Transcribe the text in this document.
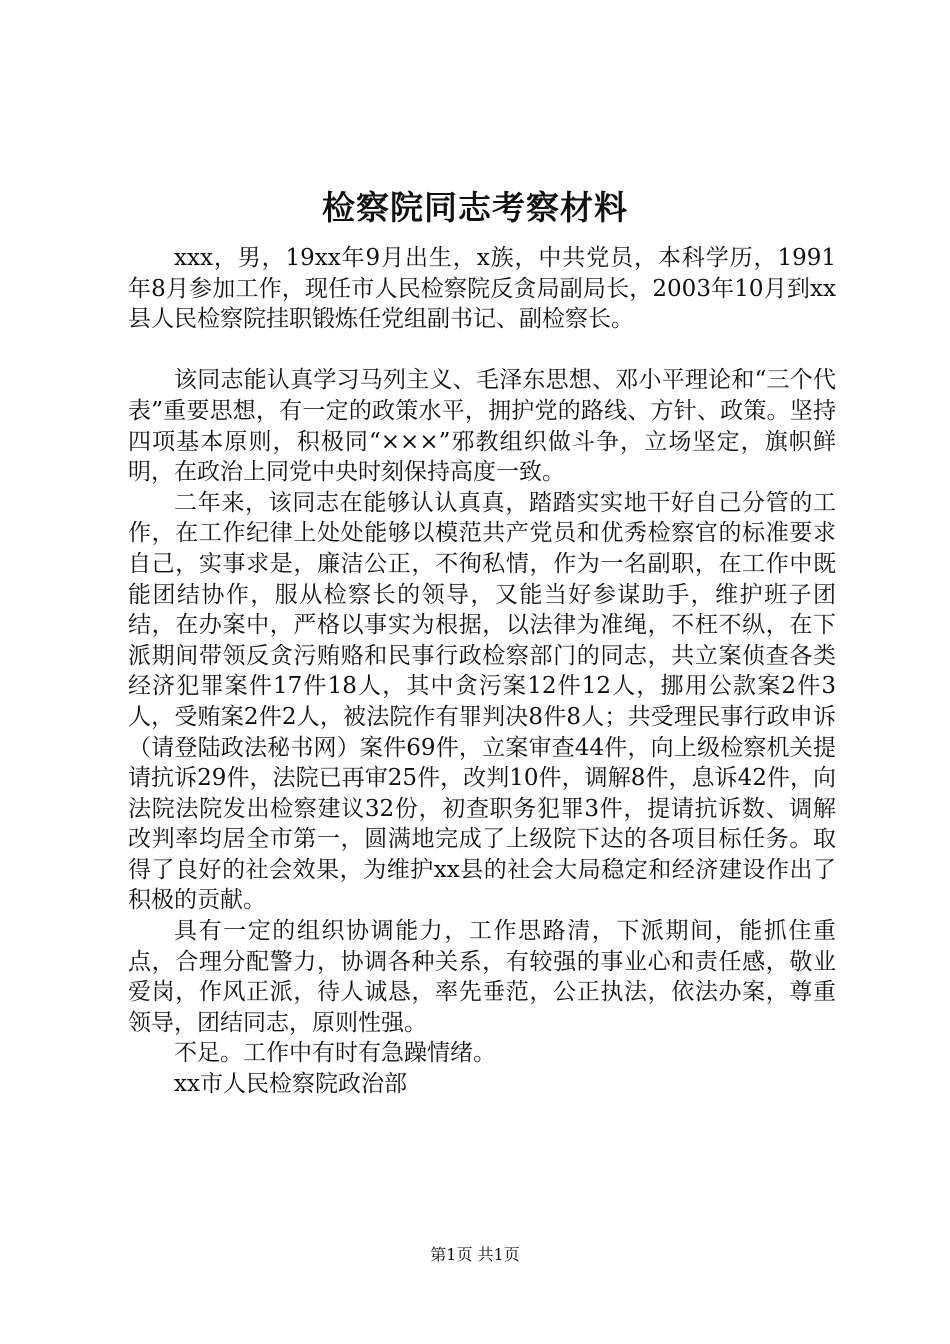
检察院同志考察材料

xxx，男，19xx年9月出生，x族，中共党员，本科学历，1991年8月参加工作，现任市人民检察院反贪局副局长，2003年10月到xx县人民检察院挂职锻炼任党组副书记、副检察长。

该同志能认真学习马列主义、毛泽东思想、邓小平理论和“三个代表”重要思想，有一定的政策水平，拥护党的路线、方针、政策。坚持四项基本原则，积极同“×××”邪教组织做斗争，立场坚定，旗帜鲜明，在政治上同党中央时刻保持高度一致。

二年来，该同志在能够认认真真，踏踏实实地干好自己分管的工作，在工作纪律上处处能够以模范共产党员和优秀检察官的标准要求自己，实事求是，廉洁公正，不徇私情，作为一名副职，在工作中既能团结协作，服从检察长的领导，又能当好参谋助手，维护班子团结，在办案中，严格以事实为根据，以法律为准绳，不枉不纵，在下派期间带领反贪污贿赂和民事行政检察部门的同志，共立案侦查各类经济犯罪案件17件18人，其中贪污案12件12人，挪用公款案2件3人，受贿案2件2人，被法院作有罪判决8件8人；共受理民事行政申诉（请登陆政法秘书网）案件69件，立案审查44件，向上级检察机关提请抗诉29件，法院已再审25件，改判10件，调解8件，息诉42件，向法院法院发出检察建议32份，初查职务犯罪3件，提请抗诉数、调解改判率均居全市第一，圆满地完成了上级院下达的各项目标任务。取得了良好的社会效果，为维护xx县的社会大局稳定和经济建设作出了积极的贡献。

具有一定的组织协调能力，工作思路清，下派期间，能抓住重点，合理分配警力，协调各种关系，有较强的事业心和责任感，敬业爱岗，作风正派，待人诚恳，率先垂范，公正执法，依法办案，尊重领导，团结同志，原则性强。

不足。工作中有时有急躁情绪。

xx市人民检察院政治部

第1页 共1页
